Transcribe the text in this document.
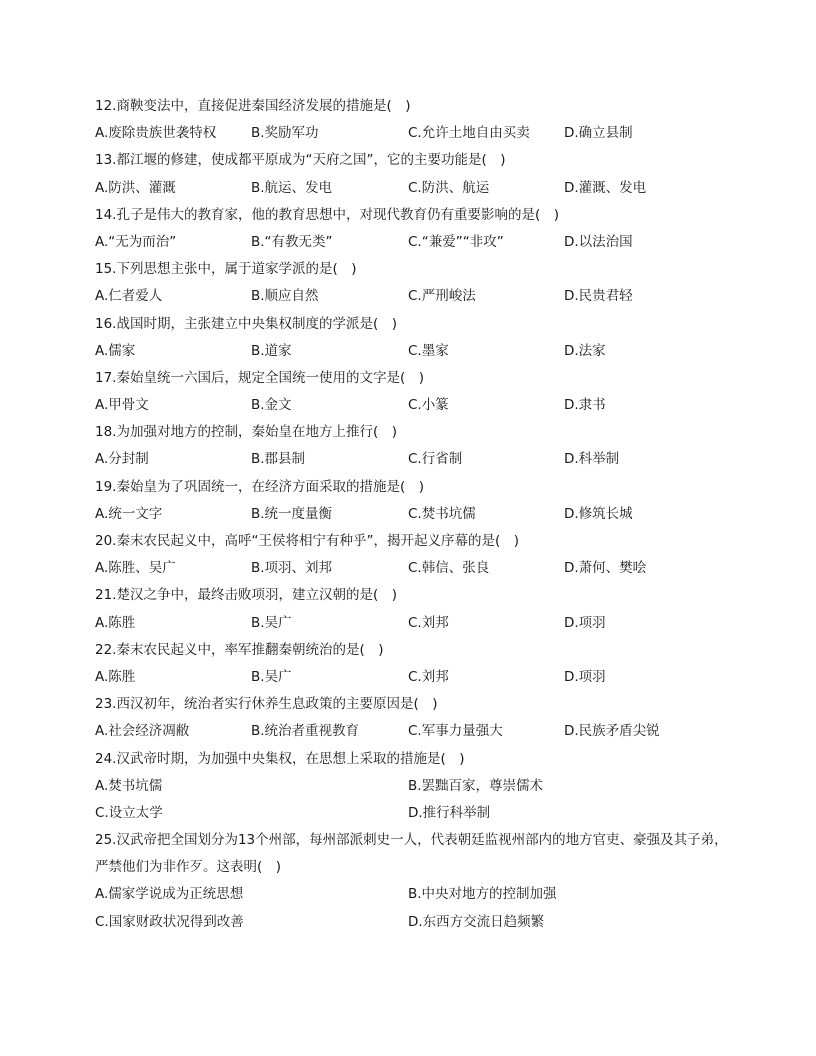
12.商鞅变法中，直接促进秦国经济发展的措施是(　)
A.废除贵族世袭特权	B.奖励军功	C.允许土地自由买卖	D.确立县制
13.都江堰的修建，使成都平原成为“天府之国”，它的主要功能是(　)
A.防洪、灌溉	B.航运、发电	C.防洪、航运	D.灌溉、发电
14.孔子是伟大的教育家，他的教育思想中，对现代教育仍有重要影响的是(　)
A.“无为而治”	B.“有教无类”	C.“兼爱”“非攻”	D.以法治国
15.下列思想主张中，属于道家学派的是(　)
A.仁者爱人	B.顺应自然	C.严刑峻法	D.民贵君轻
16.战国时期，主张建立中央集权制度的学派是(　)
A.儒家	B.道家	C.墨家	D.法家
17.秦始皇统一六国后，规定全国统一使用的文字是(　)
A.甲骨文	B.金文	C.小篆	D.隶书
18.为加强对地方的控制，秦始皇在地方上推行(　)
A.分封制	B.郡县制	C.行省制	D.科举制
19.秦始皇为了巩固统一，在经济方面采取的措施是(　)
A.统一文字	B.统一度量衡	C.焚书坑儒	D.修筑长城
20.秦末农民起义中，高呼“王侯将相宁有种乎”，揭开起义序幕的是(　)
A.陈胜、吴广	B.项羽、刘邦	C.韩信、张良	D.萧何、樊哙
21.楚汉之争中，最终击败项羽，建立汉朝的是(　)
A.陈胜	B.吴广	C.刘邦	D.项羽
22.秦末农民起义中，率军推翻秦朝统治的是(　)
A.陈胜	B.吴广	C.刘邦	D.项羽
23.西汉初年，统治者实行休养生息政策的主要原因是(　)
A.社会经济凋敝	B.统治者重视教育	C.军事力量强大	D.民族矛盾尖锐
24.汉武帝时期，为加强中央集权，在思想上采取的措施是(　)
A.焚书坑儒	B.罢黜百家，尊崇儒术
C.设立太学	D.推行科举制
25.汉武帝把全国划分为13个州部，每州部派刺史一人，代表朝廷监视州部内的地方官吏、豪强及其子弟，严禁他们为非作歹。这表明(　)
A.儒家学说成为正统思想	B.中央对地方的控制加强
C.国家财政状况得到改善	D.东西方交流日趋频繁
